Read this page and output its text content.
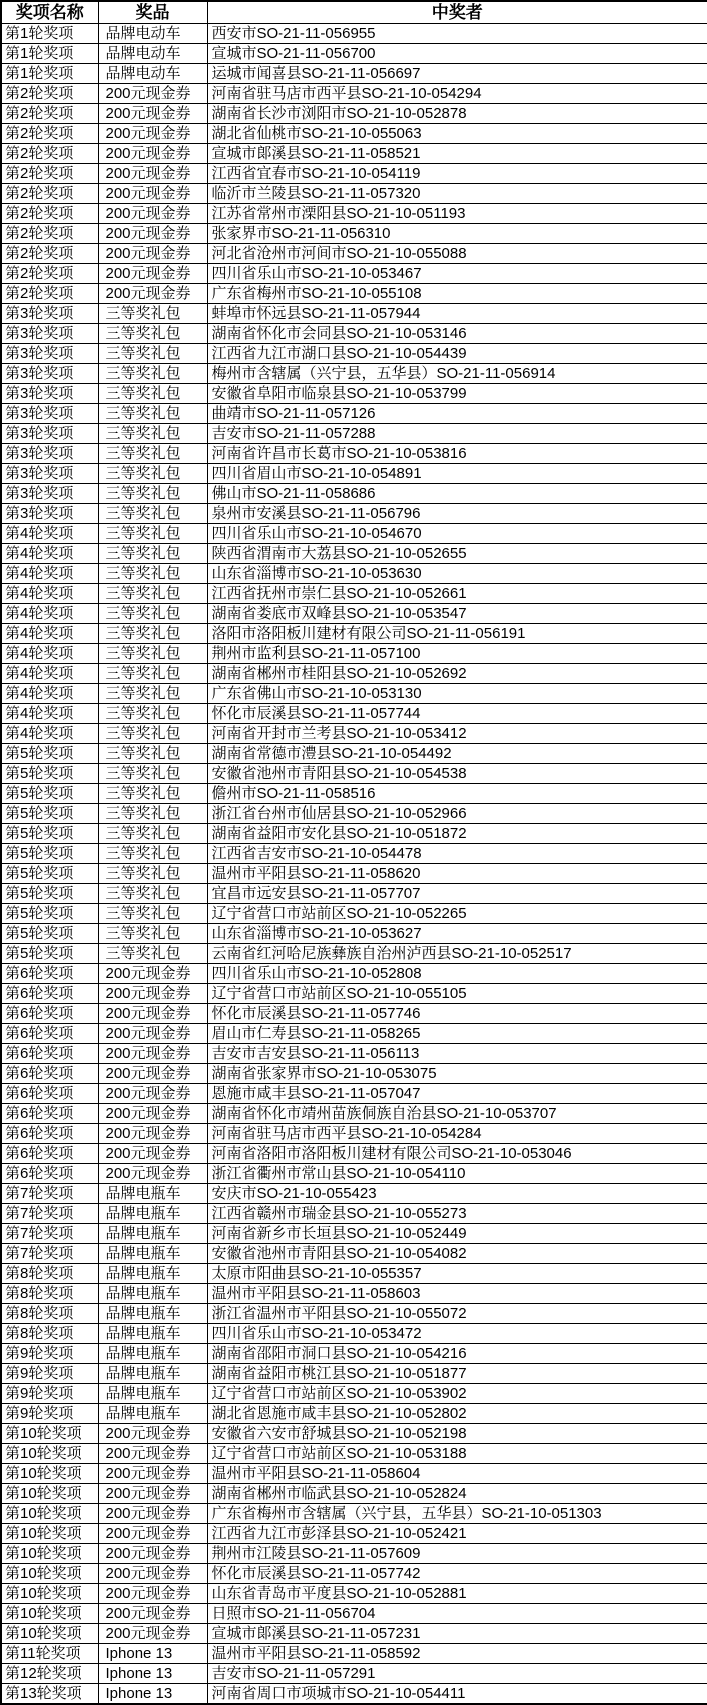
奖项名称	奖品	中奖者
第1轮奖项	品牌电动车	西安市SO-21-11-056955
第1轮奖项	品牌电动车	宣城市SO-21-11-056700
第1轮奖项	品牌电动车	运城市闻喜县SO-21-11-056697
第2轮奖项	200元现金券	河南省驻马店市西平县SO-21-10-054294
第2轮奖项	200元现金券	湖南省长沙市浏阳市SO-21-10-052878
第2轮奖项	200元现金券	湖北省仙桃市SO-21-10-055063
第2轮奖项	200元现金券	宣城市郞溪县SO-21-11-058521
第2轮奖项	200元现金券	江西省宜春市SO-21-10-054119
第2轮奖项	200元现金券	临沂市兰陵县SO-21-11-057320
第2轮奖项	200元现金券	江苏省常州市溧阳县SO-21-10-051193
第2轮奖项	200元现金券	张家界市SO-21-11-056310
第2轮奖项	200元现金券	河北省沧州市河间市SO-21-10-055088
第2轮奖项	200元现金券	四川省乐山市SO-21-10-053467
第2轮奖项	200元现金券	广东省梅州市SO-21-10-055108
第3轮奖项	三等奖礼包	蚌埠市怀远县SO-21-11-057944
第3轮奖项	三等奖礼包	湖南省怀化市会同县SO-21-10-053146
第3轮奖项	三等奖礼包	江西省九江市湖口县SO-21-10-054439
第3轮奖项	三等奖礼包	梅州市含辖属（兴宁县，五华县）SO-21-11-056914
第3轮奖项	三等奖礼包	安徽省阜阳市临泉县SO-21-10-053799
第3轮奖项	三等奖礼包	曲靖市SO-21-11-057126
第3轮奖项	三等奖礼包	吉安市SO-21-11-057288
第3轮奖项	三等奖礼包	河南省许昌市长葛市SO-21-10-053816
第3轮奖项	三等奖礼包	四川省眉山市SO-21-10-054891
第3轮奖项	三等奖礼包	佛山市SO-21-11-058686
第3轮奖项	三等奖礼包	泉州市安溪县SO-21-11-056796
第4轮奖项	三等奖礼包	四川省乐山市SO-21-10-054670
第4轮奖项	三等奖礼包	陕西省渭南市大荔县SO-21-10-052655
第4轮奖项	三等奖礼包	山东省淄博市SO-21-10-053630
第4轮奖项	三等奖礼包	江西省抚州市崇仁县SO-21-10-052661
第4轮奖项	三等奖礼包	湖南省娄底市双峰县SO-21-10-053547
第4轮奖项	三等奖礼包	洛阳市洛阳板川建材有限公司SO-21-11-056191
第4轮奖项	三等奖礼包	荆州市监利县SO-21-11-057100
第4轮奖项	三等奖礼包	湖南省郴州市桂阳县SO-21-10-052692
第4轮奖项	三等奖礼包	广东省佛山市SO-21-10-053130
第4轮奖项	三等奖礼包	怀化市辰溪县SO-21-11-057744
第4轮奖项	三等奖礼包	河南省开封市兰考县SO-21-10-053412
第5轮奖项	三等奖礼包	湖南省常德市澧县SO-21-10-054492
第5轮奖项	三等奖礼包	安徽省池州市青阳县SO-21-10-054538
第5轮奖项	三等奖礼包	儋州市SO-21-11-058516
第5轮奖项	三等奖礼包	浙江省台州市仙居县SO-21-10-052966
第5轮奖项	三等奖礼包	湖南省益阳市安化县SO-21-10-051872
第5轮奖项	三等奖礼包	江西省吉安市SO-21-10-054478
第5轮奖项	三等奖礼包	温州市平阳县SO-21-11-058620
第5轮奖项	三等奖礼包	宜昌市远安县SO-21-11-057707
第5轮奖项	三等奖礼包	辽宁省营口市站前区SO-21-10-052265
第5轮奖项	三等奖礼包	山东省淄博市SO-21-10-053627
第5轮奖项	三等奖礼包	云南省红河哈尼族彝族自治州泸西县SO-21-10-052517
第6轮奖项	200元现金券	四川省乐山市SO-21-10-052808
第6轮奖项	200元现金券	辽宁省营口市站前区SO-21-10-055105
第6轮奖项	200元现金券	怀化市辰溪县SO-21-11-057746
第6轮奖项	200元现金券	眉山市仁寿县SO-21-11-058265
第6轮奖项	200元现金券	吉安市吉安县SO-21-11-056113
第6轮奖项	200元现金券	湖南省张家界市SO-21-10-053075
第6轮奖项	200元现金券	恩施市咸丰县SO-21-11-057047
第6轮奖项	200元现金券	湖南省怀化市靖州苗族侗族自治县SO-21-10-053707
第6轮奖项	200元现金券	河南省驻马店市西平县SO-21-10-054284
第6轮奖项	200元现金券	河南省洛阳市洛阳板川建材有限公司SO-21-10-053046
第6轮奖项	200元现金券	浙江省衢州市常山县SO-21-10-054110
第7轮奖项	品牌电瓶车	安庆市SO-21-10-055423
第7轮奖项	品牌电瓶车	江西省赣州市瑞金县SO-21-10-055273
第7轮奖项	品牌电瓶车	河南省新乡市长垣县SO-21-10-052449
第7轮奖项	品牌电瓶车	安徽省池州市青阳县SO-21-10-054082
第8轮奖项	品牌电瓶车	太原市阳曲县SO-21-10-055357
第8轮奖项	品牌电瓶车	温州市平阳县SO-21-11-058603
第8轮奖项	品牌电瓶车	浙江省温州市平阳县SO-21-10-055072
第8轮奖项	品牌电瓶车	四川省乐山市SO-21-10-053472
第9轮奖项	品牌电瓶车	湖南省邵阳市洞口县SO-21-10-054216
第9轮奖项	品牌电瓶车	湖南省益阳市桃江县SO-21-10-051877
第9轮奖项	品牌电瓶车	辽宁省营口市站前区SO-21-10-053902
第9轮奖项	品牌电瓶车	湖北省恩施市咸丰县SO-21-10-052802
第10轮奖项	200元现金券	安徽省六安市舒城县SO-21-10-052198
第10轮奖项	200元现金券	辽宁省营口市站前区SO-21-10-053188
第10轮奖项	200元现金券	温州市平阳县SO-21-11-058604
第10轮奖项	200元现金券	湖南省郴州市临武县SO-21-10-052824
第10轮奖项	200元现金券	广东省梅州市含辖属（兴宁县，五华县）SO-21-10-051303
第10轮奖项	200元现金券	江西省九江市彭泽县SO-21-10-052421
第10轮奖项	200元现金券	荆州市江陵县SO-21-11-057609
第10轮奖项	200元现金券	怀化市辰溪县SO-21-11-057742
第10轮奖项	200元现金券	山东省青岛市平度县SO-21-10-052881
第10轮奖项	200元现金券	日照市SO-21-11-056704
第10轮奖项	200元现金券	宣城市郞溪县SO-21-11-057231
第11轮奖项	Iphone 13	温州市平阳县SO-21-11-058592
第12轮奖项	Iphone 13	吉安市SO-21-11-057291
第13轮奖项	Iphone 13	河南省周口市项城市SO-21-10-054411
